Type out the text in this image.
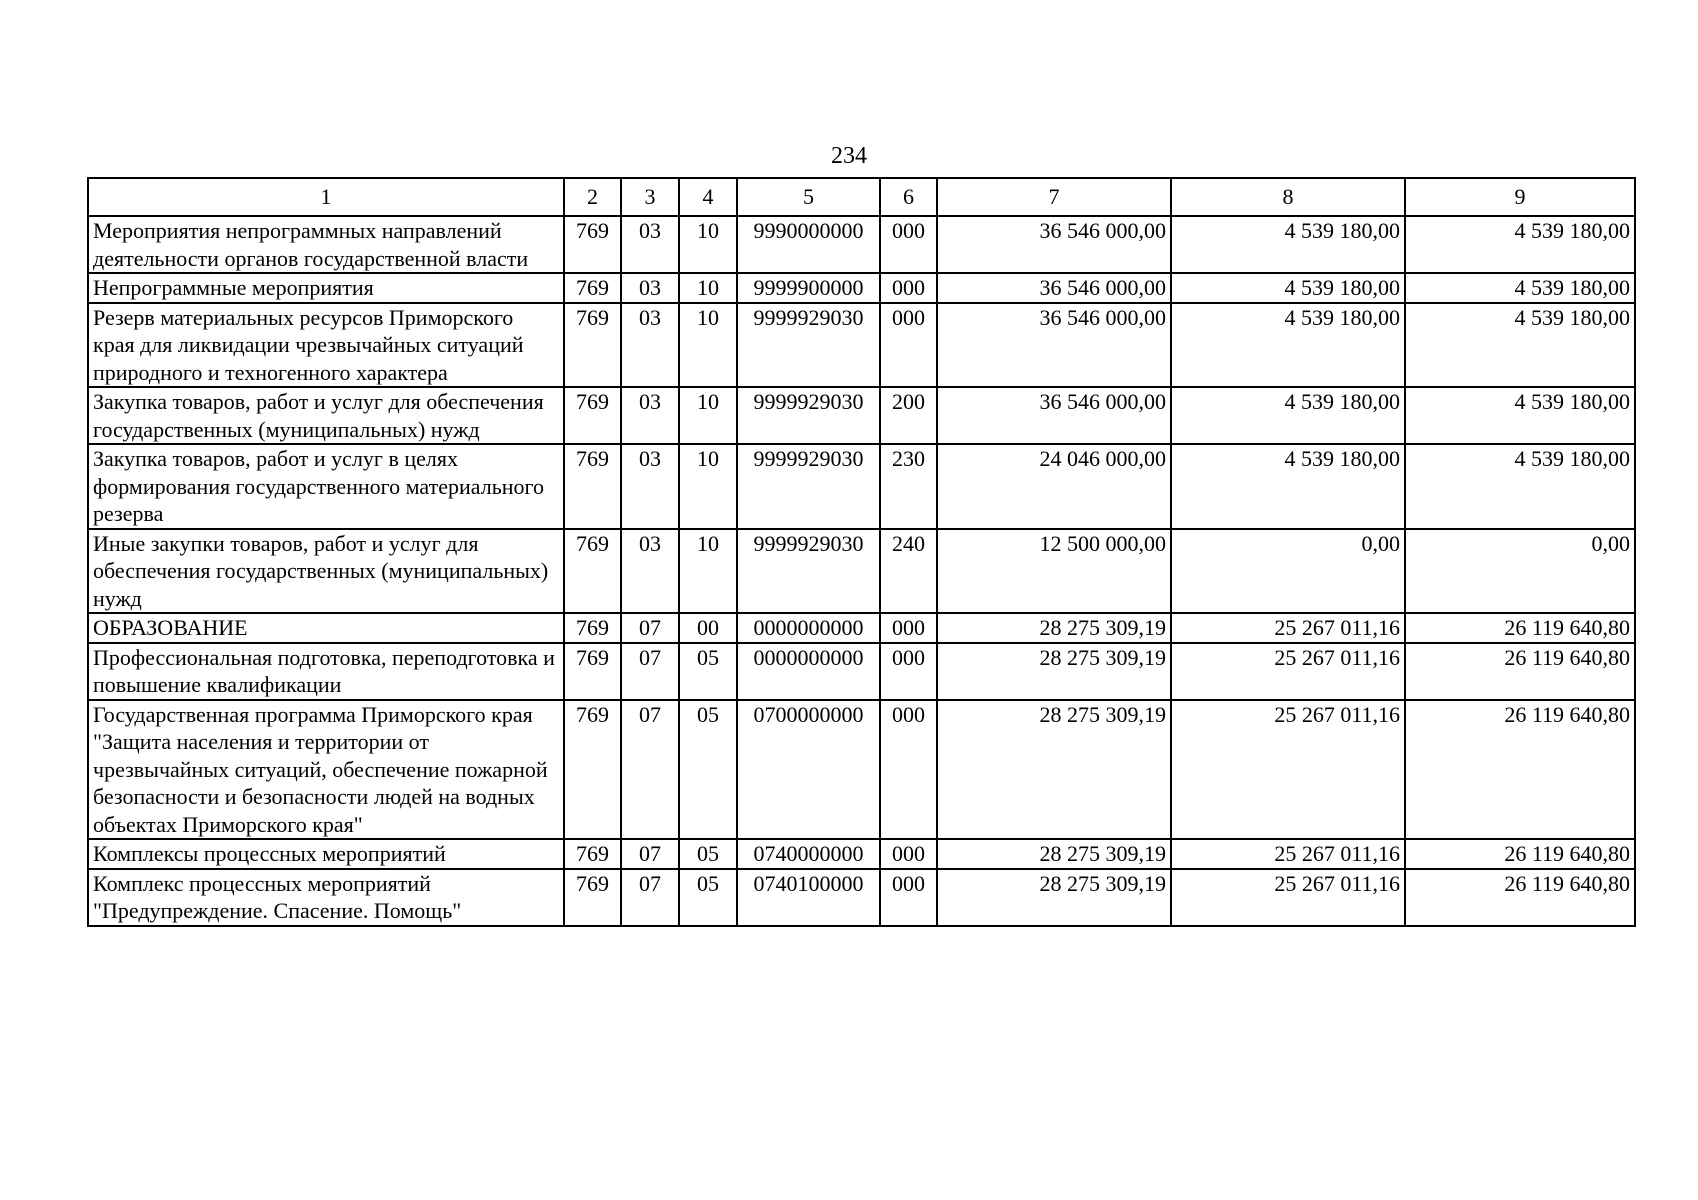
234
1	2	3	4	5	6	7	8	9
Мероприятия непрограммных направлений деятельности органов государственной власти	769	03	10	9990000000	000	36 546 000,00	4 539 180,00	4 539 180,00
Непрограммные мероприятия	769	03	10	9999900000	000	36 546 000,00	4 539 180,00	4 539 180,00
Резерв материальных ресурсов Приморского края для ликвидации чрезвычайных ситуаций природного и техногенного характера	769	03	10	9999929030	000	36 546 000,00	4 539 180,00	4 539 180,00
Закупка товаров, работ и услуг для обеспечения государственных (муниципальных) нужд	769	03	10	9999929030	200	36 546 000,00	4 539 180,00	4 539 180,00
Закупка товаров, работ и услуг в целях формирования государственного материального резерва	769	03	10	9999929030	230	24 046 000,00	4 539 180,00	4 539 180,00
Иные закупки товаров, работ и услуг для обеспечения государственных (муниципальных) нужд	769	03	10	9999929030	240	12 500 000,00	0,00	0,00
ОБРАЗОВАНИЕ	769	07	00	0000000000	000	28 275 309,19	25 267 011,16	26 119 640,80
Профессиональная подготовка, переподготовка и повышение квалификации	769	07	05	0000000000	000	28 275 309,19	25 267 011,16	26 119 640,80
Государственная программа Приморского края "Защита населения и территории от чрезвычайных ситуаций, обеспечение пожарной безопасности и безопасности людей на водных объектах Приморского края"	769	07	05	0700000000	000	28 275 309,19	25 267 011,16	26 119 640,80
Комплексы процессных мероприятий	769	07	05	0740000000	000	28 275 309,19	25 267 011,16	26 119 640,80
Комплекс процессных мероприятий "Предупреждение. Спасение. Помощь"	769	07	05	0740100000	000	28 275 309,19	25 267 011,16	26 119 640,80
